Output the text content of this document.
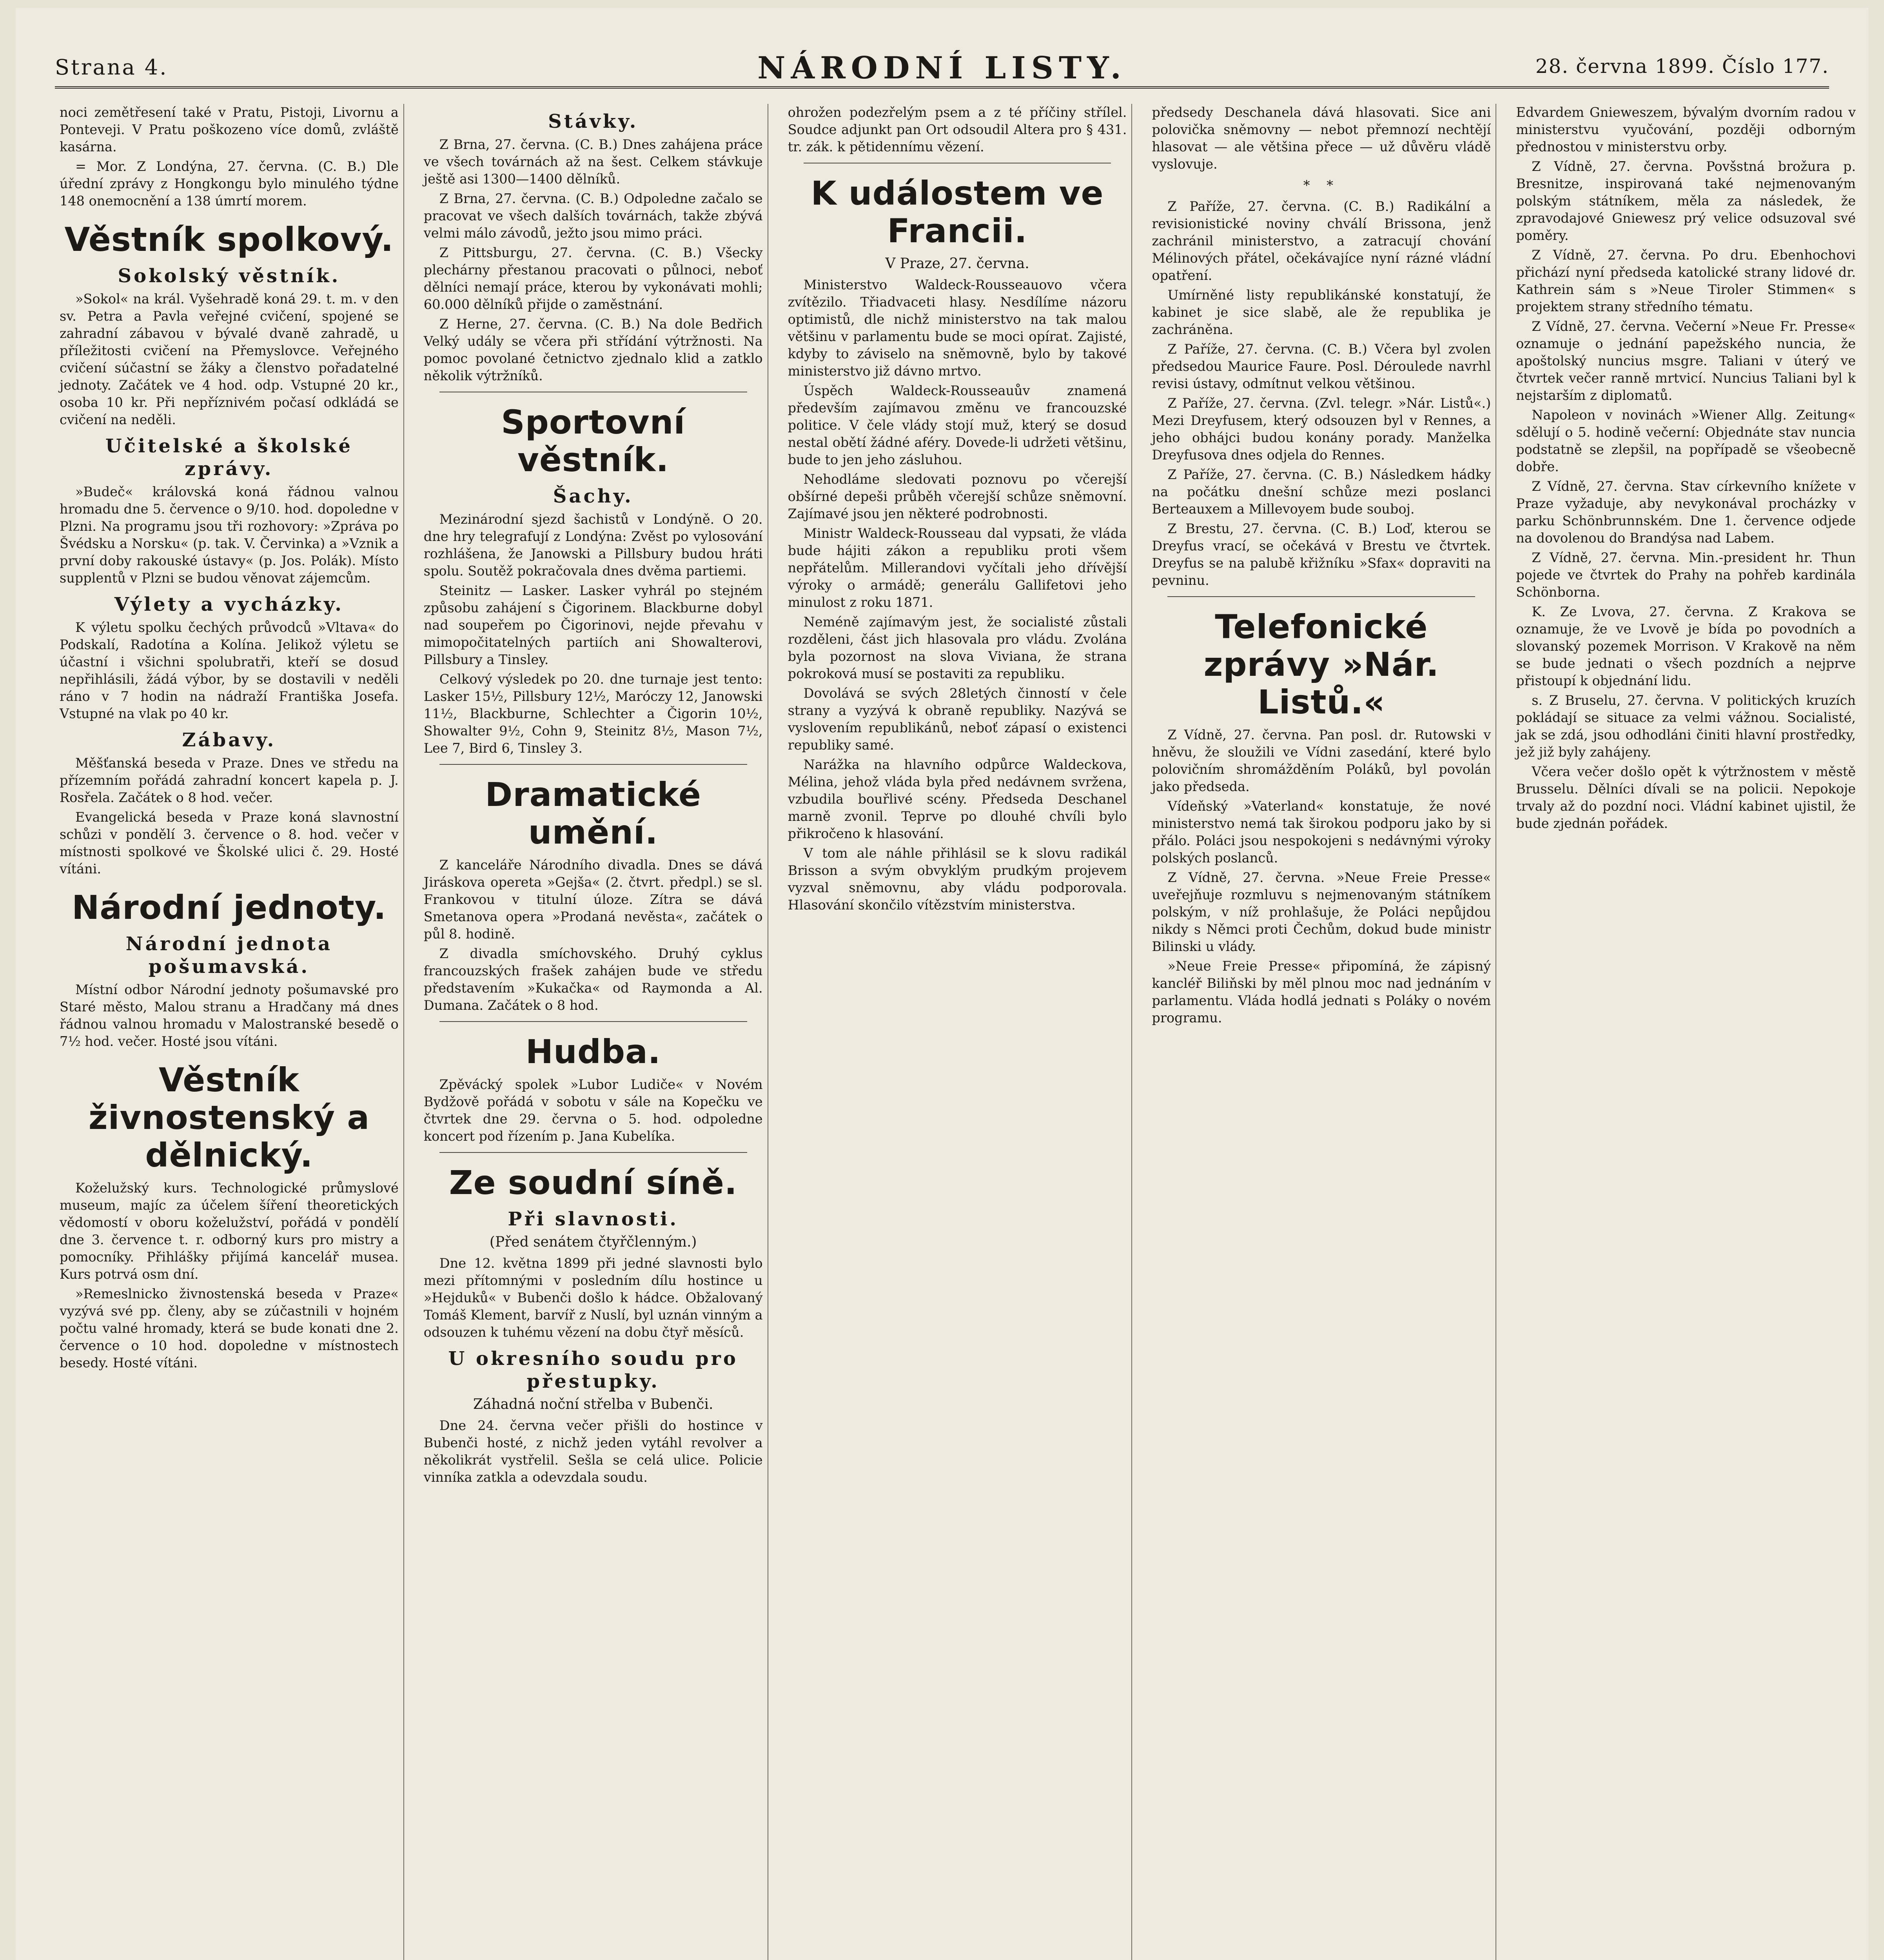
Strana 4.	NÁRODNÍ LISTY.	28. června 1899. Číslo 177.

noci zemětřesení také v Pratu, Pistoji, Livornu a Ponteveji. V Pratu poškozeno více domů, zvláště kasárna.

= Mor. Z Londýna, 27. června. (C. B.) Dle úřední zprávy z Hongkongu bylo minulého týdne 148 onemocnění a 138 úmrtí morem.

Věstník spolkový.
Sokolský věstník.

»Sokol« na král. Vyšehradě koná 29. t. m. v den sv. Petra a Pavla veřejné cvičení, spojené se zahradní zábavou v bývalé dvaně zahradě, u příležitosti cvičení na Přemyslovce. Veřejného cvičení súčastní se žáky a členstvo pořadatelné jednoty. Začátek ve 4 hod. odp. Vstupné 20 kr., osoba 10 kr. Při nepříznivém počasí odkládá se cvičení na neděli.

Učitelské a školské zprávy.

»Budeč« královská koná řádnou valnou hromadu dne 5. července o 9/10. hod. dopoledne v Plzni. Na programu jsou tři rozhovory: »Zpráva po Švédsku a Norsku« (p. tak. V. Červinka) a »Vznik a první doby rakouské ústavy« (p. Jos. Polák). Místo supplentů v Plzni se budou věnovat zájemcům.

Výlety a vycházky.

K výletu spolku čechých průvodců »Vltava« do Podskalí, Radotína a Kolína. Jelikož výletu se účastní i všichni spolubratři, kteří se dosud nepřihlásili, žádá výbor, by se dostavili v neděli ráno v 7 hodin na nádraží Františka Josefa. Vstupné na vlak po 40 kr.

Zábavy.

Měšťanská beseda v Praze. Dnes ve středu na přízemním pořádá zahradní koncert kapela p. J. Rosřela. Začátek o 8 hod. večer.

Evangelická beseda v Praze koná slavnostní schůzi v pondělí 3. července o 8. hod. večer v místnosti spolkové ve Školské ulici č. 29. Hosté vítáni.

Národní jednoty.
Národní jednota pošumavská.

Místní odbor Národní jednoty pošumavské pro Staré město, Malou stranu a Hradčany má dnes řádnou valnou hromadu v Malostranské besedě o 7½ hod. večer. Hosté jsou vítáni.

Věstník živnostenský a dělnický.

Koželužský kurs. Technologické průmyslové museum, majíc za účelem šíření theoretických vědomostí v oboru koželužství, pořádá v pondělí dne 3. července t. r. odborný kurs pro mistry a pomocníky. Přihlášky přijímá kancelář musea. Kurs potrvá osm dní.

»Remeslnicko živnostenská beseda v Praze« vyzývá své pp. členy, aby se zúčastnili v hojném počtu valné hromady, která se bude konati dne 2. července o 10 hod. dopoledne v místnostech besedy. Hosté vítáni.

Stávky.

Z Brna, 27. června. (C. B.) Dnes zahájena práce ve všech továrnách až na šest. Celkem stávkuje ještě asi 1300—1400 dělníků.

Z Brna, 27. června. (C. B.) Odpoledne začalo se pracovat ve všech dalších továrnách, takže zbývá velmi málo závodů, ježto jsou mimo práci.

Z Pittsburgu, 27. června. (C. B.) Všecky plechárny přestanou pracovati o půlnoci, neboť dělníci nemají práce, kterou by vykonávati mohli; 60.000 dělníků přijde o zaměstnání.

Z Herne, 27. června. (C. B.) Na dole Bedřich Velký udály se včera při střídání výtržnosti. Na pomoc povolané četnictvo zjednalo klid a zatklo několik výtržníků.

Sportovní věstník.
Šachy.

Mezinárodní sjezd šachistů v Londýně. O 20. dne hry telegrafují z Londýna: Zvěst po vylosování rozhlášena, že Janowski a Pillsbury budou hráti spolu. Soutěž pokračovala dnes dvěma partiemi.

Steinitz — Lasker. Lasker vyhrál po stejném způsobu zahájení s Čigorinem. Blackburne dobyl nad soupeřem po Čigorinovi, nejde převahu v mimopočitatelných partiích ani Showalterovi, Pillsbury a Tinsley.

Celkový výsledek po 20. dne turnaje jest tento: Lasker 15½, Pillsbury 12½, Maróczy 12, Janowski 11½, Blackburne, Schlechter a Čigorin 10½, Showalter 9½, Cohn 9, Steinitz 8½, Mason 7½, Lee 7, Bird 6, Tinsley 3.

Dramatické umění.

Z kanceláře Národního divadla. Dnes se dává Jiráskova opereta »Gejša« (2. čtvrt. předpl.) se sl. Frankovou v titulní úloze. Zítra se dává Smetanova opera »Prodaná nevěsta«, začátek o půl 8. hodině.

Z divadla smíchovského. Druhý cyklus francouzských frašek zahájen bude ve středu představením »Kukačka« od Raymonda a Al. Dumana. Začátek o 8 hod.

Hudba.

Zpěvácký spolek »Lubor Ludiče« v Novém Bydžově pořádá v sobotu v sále na Kopečku ve čtvrtek dne 29. června o 5. hod. odpoledne koncert pod řízením p. Jana Kubelíka.

Ze soudní síně.
Při slavnosti.
(Před senátem čtyřčlenným.)

Dne 12. května 1899 při jedné slavnosti bylo mezi přítomnými v posledním dílu hostince u »Hejduků« v Bubenči došlo k hádce. Obžalovaný Tomáš Klement, barvíř z Nuslí, byl uznán vinným a odsouzen k tuhému vězení na dobu čtyř měsíců.

U okresního soudu pro přestupky.
Záhadná noční střelba v Bubenči.

Dne 24. června večer přišli do hostince v Bubenči hosté, z nichž jeden vytáhl revolver a několikrát vystřelil. Sešla se celá ulice. Policie vinníka zatkla a odevzdala soudu.

ohrožen podezřelým psem a z té příčiny střílel. Soudce adjunkt pan Ort odsoudil Altera pro § 431. tr. zák. k pětidennímu vězení.

K událostem ve Francii.
V Praze, 27. června.

Ministerstvo Waldeck-Rousseauovo včera zvítězilo. Třiadvaceti hlasy. Nesdílíme názoru optimistů, dle nichž ministerstvo na tak malou většinu v parlamentu bude se moci opírat. Zajisté, kdyby to záviselo na sněmovně, bylo by takové ministerstvo již dávno mrtvo.

Úspěch Waldeck-Rousseauův znamená především zajímavou změnu ve francouzské politice. V čele vlády stojí muž, který se dosud nestal obětí žádné aféry. Dovede-li udržeti většinu, bude to jen jeho zásluhou.

Nehodláme sledovati poznovu po včerejší obšírné depeši průběh včerejší schůze sněmovní. Zajímavé jsou jen některé podrobnosti.

Ministr Waldeck-Rousseau dal vypsati, že vláda bude hájiti zákon a republiku proti všem nepřátelům. Millerandovi vyčítali jeho dřívější výroky o armádě; generálu Gallifetovi jeho minulost z roku 1871.

Neméně zajímavým jest, že socialisté zůstali rozděleni, část jich hlasovala pro vládu. Zvolána byla pozornost na slova Viviana, že strana pokroková musí se postaviti za republiku.

Dovolává se svých 28letých činností v čele strany a vyzývá k obraně republiky. Nazývá se vyslovením republikánů, neboť zápasí o existenci republiky samé.

Narážka na hlavního odpůrce Waldeckova, Mélina, jehož vláda byla před nedávnem svržena, vzbudila bouřlivé scény. Předseda Deschanel marně zvonil. Teprve po dlouhé chvíli bylo přikročeno k hlasování.

V tom ale náhle přihlásil se k slovu radikál Brisson a svým obvyklým prudkým projevem vyzval sněmovnu, aby vládu podporovala. Hlasování skončilo vítězstvím ministerstva.

předsedy Deschanela dává hlasovati. Sice ani polovička sněmovny — nebot přemnozí nechtějí hlasovat — ale většina přece — už důvěru vládě vyslovuje.

* *

Z Paříže, 27. června. (C. B.) Radikální a revisionistické noviny chválí Brissona, jenž zachránil ministerstvo, a zatracují chování Mélinových přátel, očekávajíce nyní rázné vládní opatření.

Umírněné listy republikánské konstatují, že kabinet je sice slabě, ale že republika je zachráněna.

Z Paříže, 27. června. (C. B.) Včera byl zvolen předsedou Maurice Faure. Posl. Déroulede navrhl revisi ústavy, odmítnut velkou většinou.

Z Paříže, 27. června. (Zvl. telegr. »Nár. Listů«.) Mezi Dreyfusem, který odsouzen byl v Rennes, a jeho obhájci budou konány porady. Manželka Dreyfusova dnes odjela do Rennes.

Z Paříže, 27. června. (C. B.) Následkem hádky na počátku dnešní schůze mezi poslanci Berteauxem a Millevoyem bude souboj.

Z Brestu, 27. června. (C. B.) Loď, kterou se Dreyfus vrací, se očekává v Brestu ve čtvrtek. Dreyfus se na palubě křižníku »Sfax« dopraviti na pevninu.

Telefonické zprávy »Nár. Listů.«

Z Vídně, 27. června. Pan posl. dr. Rutowski v hněvu, že sloužili ve Vídni zasedání, které bylo polovičním shromážděním Poláků, byl povolán jako předseda.

Vídeňský »Vaterland« konstatuje, že nové ministerstvo nemá tak širokou podporu jako by si přálo. Poláci jsou nespokojeni s nedávnými výroky polských poslanců.

Z Vídně, 27. června. »Neue Freie Presse« uveřejňuje rozmluvu s nejmenovaným státníkem polským, v níž prohlašuje, že Poláci nepůjdou nikdy s Němci proti Čechům, dokud bude ministr Bilinski u vlády.

»Neue Freie Presse« připomíná, že zápisný kancléř Biliňski by měl plnou moc nad jednáním v parlamentu. Vláda hodlá jednati s Poláky o novém programu.

Edvardem Gnieweszem, bývalým dvorním radou v ministerstvu vyučování, později odborným přednostou v ministerstvu orby.

Z Vídně, 27. června. Povšstná brožura p. Bresnitze, inspirovaná také nejmenovaným polským státníkem, měla za následek, že zpravodajové Gniewesz prý velice odsuzoval své poměry.

Z Vídně, 27. června. Po dru. Ebenhochovi přichází nyní předseda katolické strany lidové dr. Kathrein sám s »Neue Tiroler Stimmen« s projektem strany středního tématu.

Z Vídně, 27. června. Večerní »Neue Fr. Presse« oznamuje o jednání papežského nuncia, že apoštolský nuncius msgre. Taliani v úterý ve čtvrtek večer ranně mrtvicí. Nuncius Taliani byl k nejstarším z diplomatů.

Napoleon v novinách »Wiener Allg. Zeitung« sdělují o 5. hodině večerní: Objednáte stav nuncia podstatně se zlepšil, na popřípadě se všeobecně dobře.

Z Vídně, 27. června. Stav církevního knížete v Praze vyžaduje, aby nevykonával procházky v parku Schönbrunnském. Dne 1. července odjede na dovolenou do Brandýsa nad Labem.

Z Vídně, 27. června. Min.-president hr. Thun pojede ve čtvrtek do Prahy na pohřeb kardinála Schönborna.

K. Ze Lvova, 27. června. Z Krakova se oznamuje, že ve Lvově je bída po povodních a slovanský pozemek Morrison. V Krakově na něm se bude jednati o všech pozdních a nejprve přistoupí k objednání lidu.

s. Z Bruselu, 27. června. V politických kruzích pokládají se situace za velmi vážnou. Socialisté, jak se zdá, jsou odhodláni činiti hlavní prostředky, jež již byly zahájeny.

Včera večer došlo opět k výtržnostem v městě Brusselu. Dělníci dívali se na policii. Nepokoje trvaly až do pozdní noci. Vládní kabinet ujistil, že bude zjednán pořádek.
